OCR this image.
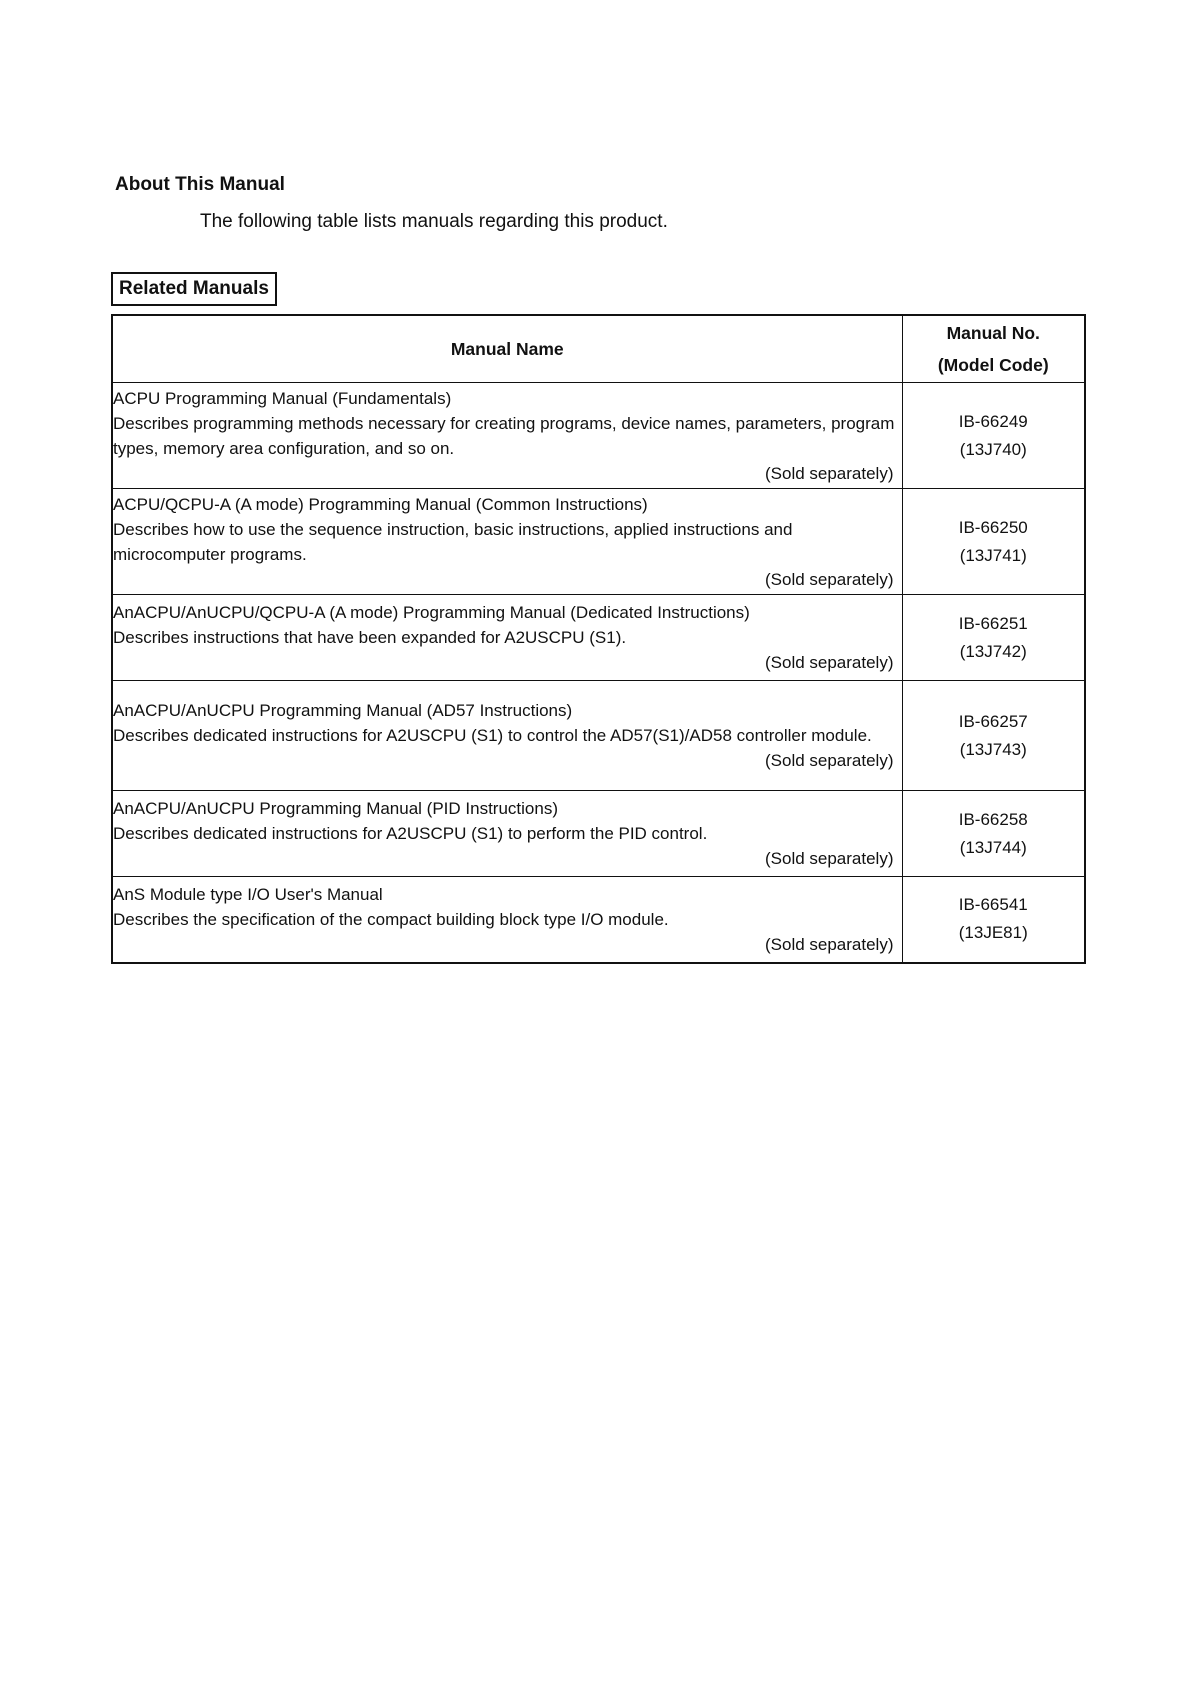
About This Manual

The following table lists manuals regarding this product.

Related Manuals
Manual Name	Manual No.
(Model Code)

ACPU Programming Manual (Fundamentals)
Describes programming methods necessary for creating programs, device names, parameters, program types, memory area configuration, and so on.
(Sold separately)	IB-66249
(13J740)

ACPU/QCPU-A (A mode) Programming Manual (Common Instructions)
Describes how to use the sequence instruction, basic instructions, applied instructions and microcomputer programs.
(Sold separately)	IB-66250
(13J741)

AnACPU/AnUCPU/QCPU-A (A mode) Programming Manual (Dedicated Instructions)
Describes instructions that have been expanded for A2USCPU (S1).
(Sold separately)	IB-66251
(13J742)

AnACPU/AnUCPU Programming Manual (AD57 Instructions)
Describes dedicated instructions for A2USCPU (S1) to control the AD57(S1)/AD58 controller module.
(Sold separately)	IB-66257
(13J743)

AnACPU/AnUCPU Programming Manual (PID Instructions)
Describes dedicated instructions for A2USCPU (S1) to perform the PID control.
(Sold separately)	IB-66258
(13J744)

AnS Module type I/O User's Manual
Describes the specification of the compact building block type I/O module.
(Sold separately)	IB-66541
(13JE81)
